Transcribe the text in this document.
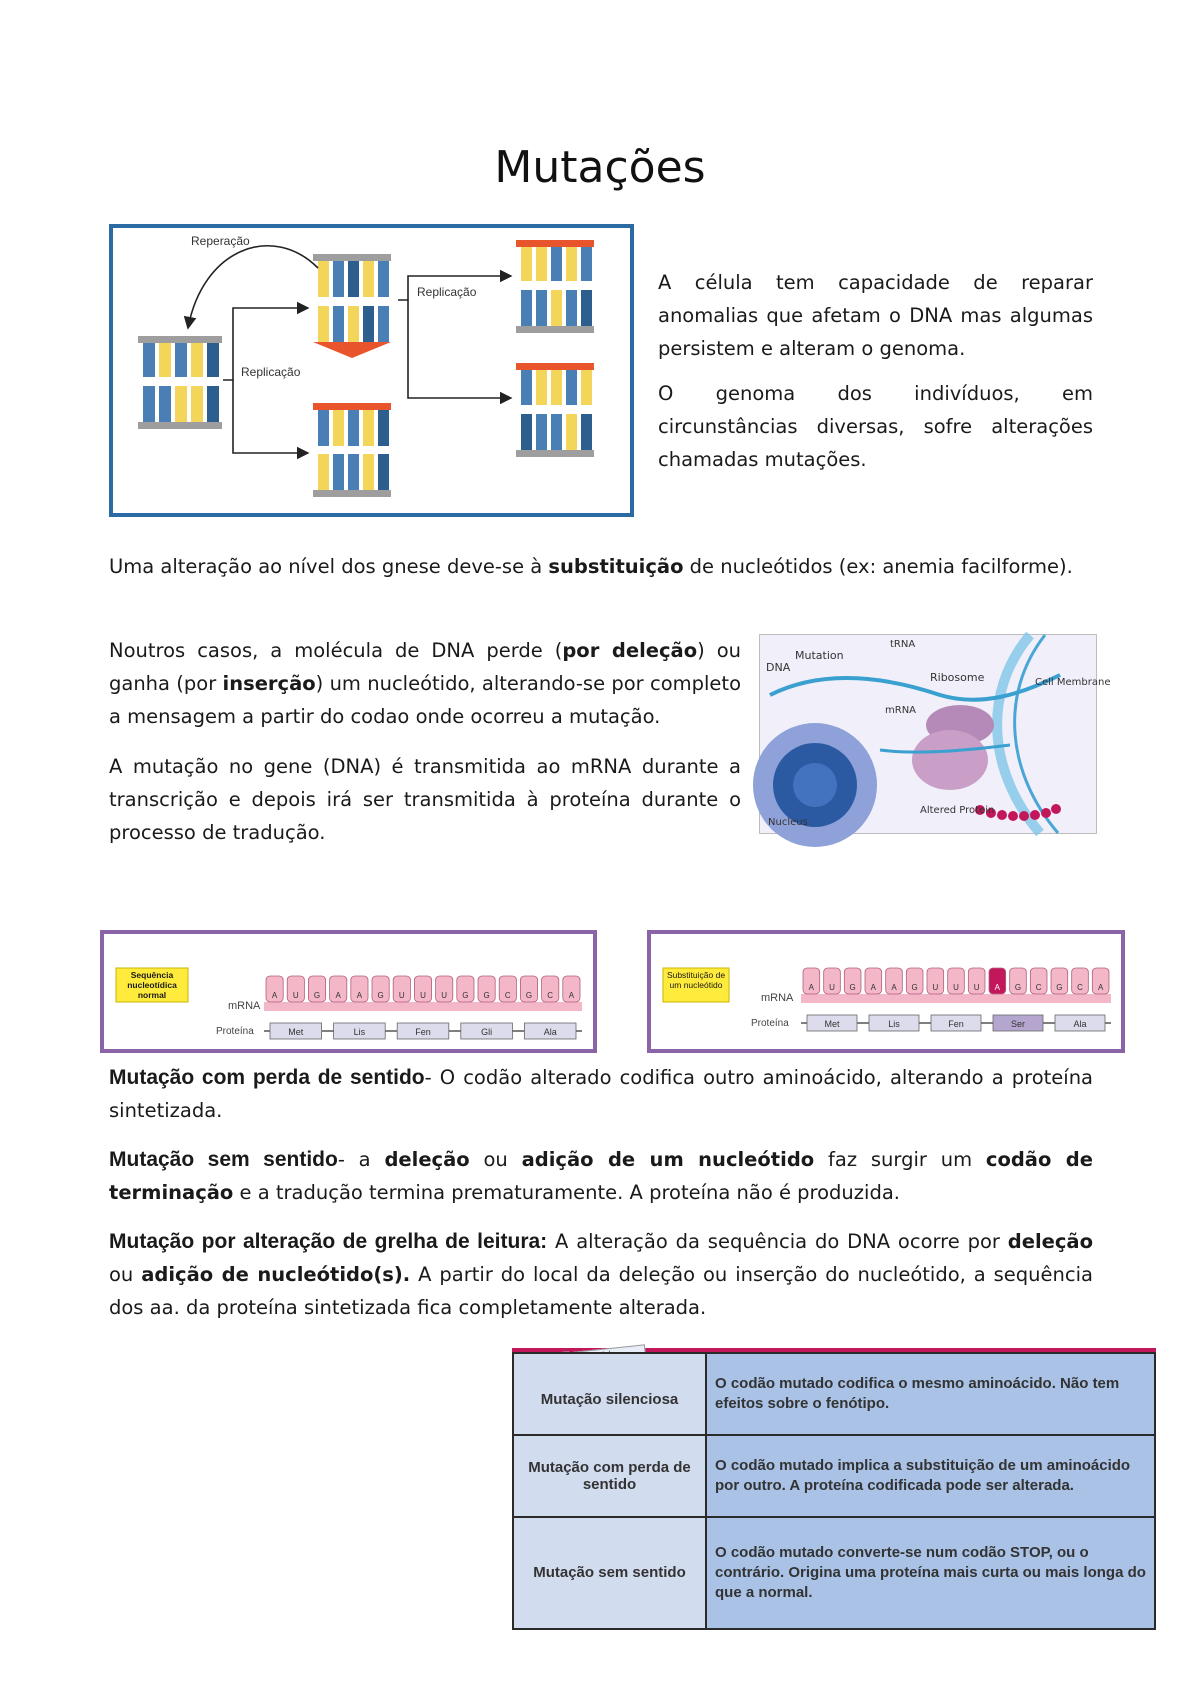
Mutações
Reperação
Replicação
Replicação	A célula tem capacidade de reparar anomalias que afetam o DNA mas algumas persistem e alteram o genoma.

O genoma dos indivíduos, em circunstâncias diversas, sofre alterações chamadas mutações.

Uma alteração ao nível dos gnese deve-se à substituição de nucleótidos (ex: anemia facilforme).

Noutros casos, a molécula de DNA perde (por deleção) ou ganha (por inserção) um nucleótido, alterando-se por completo a mensagem a partir do codao onde ocorreu a mutação.

A mutação no gene (DNA) é transmitida ao mRNA durante a transcrição e depois irá ser transmitida à proteína durante o processo de tradução.

Mutation
DNA
tRNA
Ribosome	Cell Membrane
mRNA
Nucleus
Altered Protein
Sequência nucleotídica normal
mRNA
Proteína
A U G A A G U U U G G C G C A
Met	Lis	Fen	Gli	Ala
Substituição de um nucleótido
mRNA
Proteína
A U G A A G U U U A G C G C A
Met	Lis	Fen	Ser	Ala

Mutação com perda de sentido- O codão alterado codifica outro aminoácido, alterando a proteína sintetizada.

Mutação sem sentido- a deleção ou adição de um nucleótido faz surgir um codão de terminação e a tradução termina prematuramente. A proteína não é produzida.

Mutação por alteração de grelha de leitura: A alteração da sequência do DNA ocorre por deleção ou adição de nucleótido(s). A partir do local da deleção ou inserção do nucleótido, a sequência dos aa. da proteína sintetizada fica completamente alterada.

Mutação silenciosa	O codão mutado codifica o mesmo aminoácido. Não tem efeitos sobre o fenótipo.
Mutação com perda de sentido	O codão mutado implica a substituição de um aminoácido por outro. A proteína codificada pode ser alterada.
Mutação sem sentido	O codão mutado converte-se num codão STOP, ou o contrário. Origina uma proteína mais curta ou mais longa do que a normal.
